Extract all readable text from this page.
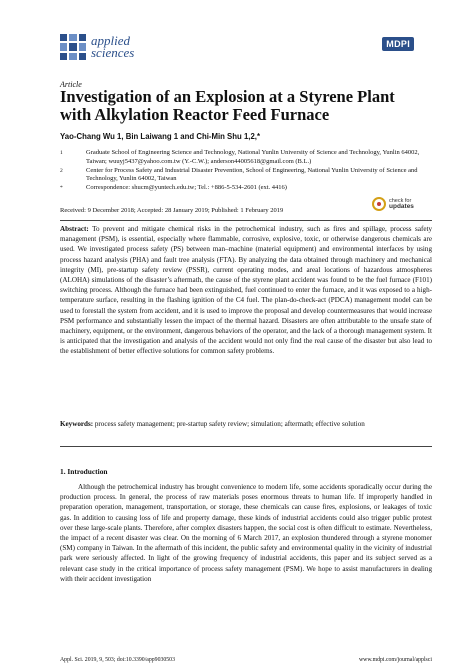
applied
sciences
MDPI
Article
Investigation of an Explosion at a Styrene Plant with Alkylation Reactor Feed Furnace
Yao-Chang Wu 1, Bin Laiwang 1 and Chi-Min Shu 1,2,*
1	Graduate School of Engineering Science and Technology, National Yunlin University of Science and Technology, Yunlin 64002, Taiwan; wuuyj5437@yahoo.com.tw (Y.-C.W.); anderson44005618@gmail.com (B.L.)
2	Center for Process Safety and Industrial Disaster Prevention, School of Engineering, National Yunlin University of Science and Technology, Yunlin 64002, Taiwan
*	Correspondence: shucm@yuntech.edu.tw; Tel.: +886-5-534-2601 (ext. 4416)
Received: 9 December 2018; Accepted: 28 January 2019; Published: 1 February 2019
check for
updates
Abstract: To prevent and mitigate chemical risks in the petrochemical industry, such as fires and spillage, process safety management (PSM), is essential, especially where flammable, corrosive, explosive, toxic, or otherwise dangerous chemicals are used. We investigated process safety (PS) between man–machine (material equipment) and environmental interfaces by using process hazard analysis (PHA) and fault tree analysis (FTA). By analyzing the data obtained through machinery and mechanical integrity (MI), pre-startup safety review (PSSR), current operating modes, and areal locations of hazardous atmospheres (ALOHA) simulations of the disaster’s aftermath, the cause of the styrene plant accident was found to be the fuel furnace (F101) switching process. Although the furnace had been extinguished, fuel continued to enter the furnace, and it was exposed to a high-temperature surface, resulting in the flashing ignition of the C4 fuel. The plan-do-check-act (PDCA) management model can be used to forestall the system from accident, and it is used to improve the proposal and develop countermeasures that would increase PSM performance and substantially lessen the impact of the thermal hazard. Disasters are often attributable to the unsafe state of machinery, equipment, or the environment, dangerous behaviors of the operator, and the lack of a thorough management system. It is anticipated that the investigation and analysis of the accident would not only find the real cause of the disaster but also lead to the establishment of better effective solutions for common safety problems.
Keywords: process safety management; pre-startup safety review; simulation; aftermath; effective solution
1. Introduction
Although the petrochemical industry has brought convenience to modern life, some accidents sporadically occur during the production process. In general, the process of raw materials poses enormous threats to human life. If improperly handled in preparation operation, management, transportation, or storage, these chemicals can cause fires, explosions, or leakages of toxic gas. In addition to causing loss of life and property damage, these kinds of industrial accidents could also trigger public protest over these large-scale plants. Therefore, after complex disasters happen, the social cost is often difficult to estimate. Nevertheless, the impact of a recent disaster was clear. On the morning of 6 March 2017, an explosion thundered through a styrene monomer (SM) company in Taiwan. In the aftermath of this incident, the public safety and environmental quality in the vicinity of industrial park were seriously affected. In light of the growing frequency of industrial accidents, this paper and its subject served as a relevant case study in the critical importance of process safety management (PSM). We hope to assist manufacturers in dealing with their accident investigation
Appl. Sci. 2019, 9, 503; doi:10.3390/app9030503	www.mdpi.com/journal/applsci
